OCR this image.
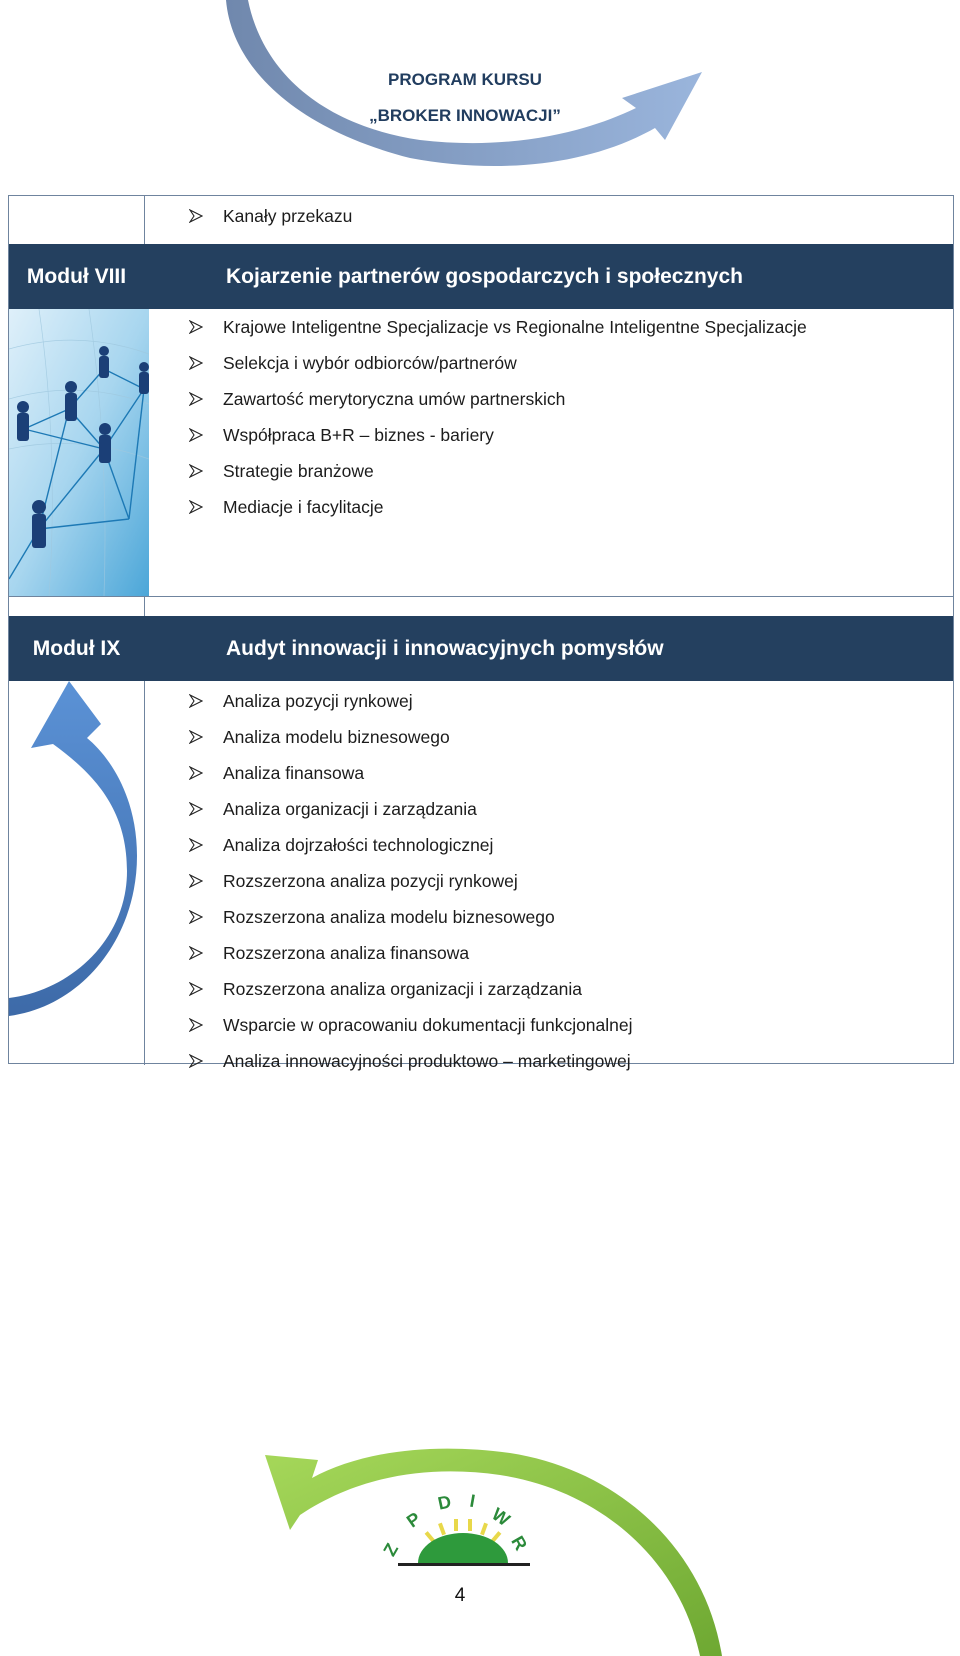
PROGRAM KURSU
„BROKER INNOWACJI”
Kanały przekazu
Moduł VIII	Kojarzenie partnerów gospodarczych i społecznych
Krajowe Inteligentne Specjalizacje vs Regionalne Inteligentne Specjalizacje
Selekcja i wybór odbiorców/partnerów
Zawartość merytoryczna umów partnerskich
Współpraca B+R – biznes - bariery
Strategie branżowe
Mediacje i facylitacje
Moduł IX	Audyt innowacji i innowacyjnych pomysłów
Analiza pozycji rynkowej
Analiza modelu biznesowego
Analiza finansowa
Analiza organizacji i zarządzania
Analiza dojrzałości technologicznej
Rozszerzona analiza pozycji rynkowej
Rozszerzona analiza modelu biznesowego
Rozszerzona analiza finansowa
Rozszerzona analiza organizacji i zarządzania
Wsparcie w opracowaniu dokumentacji funkcjonalnej
Analiza innowacyjności produktowo – marketingowej
Z
P
D I
W
R
4
